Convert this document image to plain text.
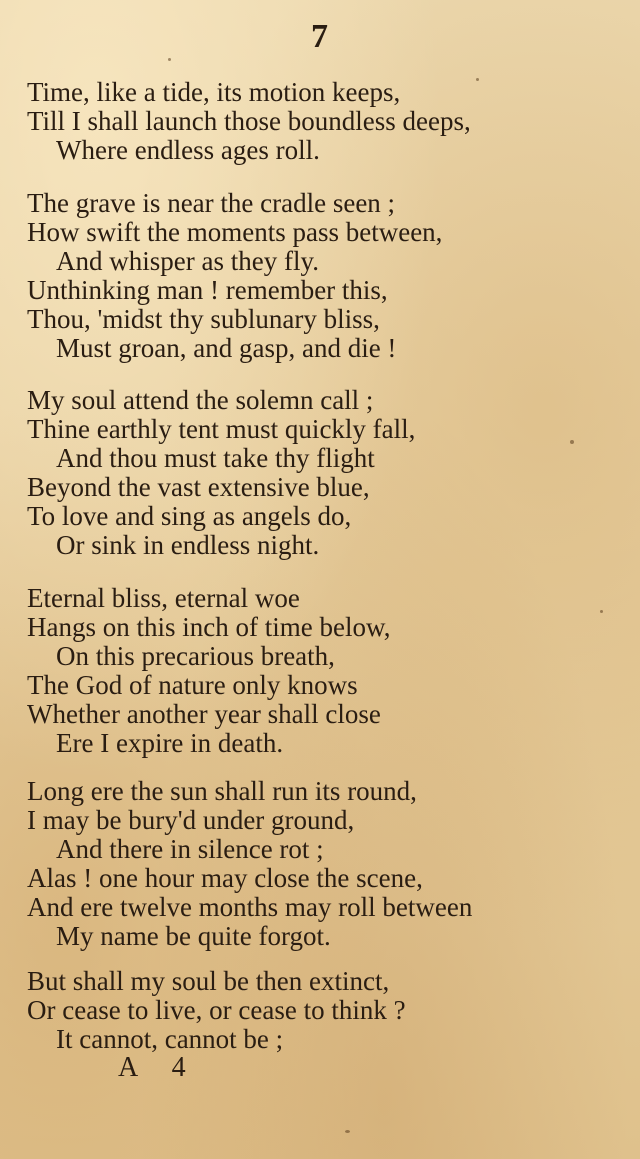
7
Time, like a tide, its motion keeps,
Till I shall launch those boundless deeps,
Where endless ages roll.
The grave is near the cradle seen ;
How swift the moments pass between,
And whisper as they fly.
Unthinking man ! remember this,
Thou, 'midst thy sublunary bliss,
Must groan, and gasp, and die !
My soul attend the solemn call ;
Thine earthly tent must quickly fall,
And thou must take thy flight
Beyond the vast extensive blue,
To love and sing as angels do,
Or sink in endless night.
Eternal bliss, eternal woe
Hangs on this inch of time below,
On this precarious breath,
The God of nature only knows
Whether another year shall close
Ere I expire in death.
Long ere the sun shall run its round,
I may be bury'd under ground,
And there in silence rot ;
Alas ! one hour may close the scene,
And ere twelve months may roll between
My name be quite forgot.
But shall my soul be then extinct,
Or cease to live, or cease to think ?
It cannot, cannot be ;
A 4
